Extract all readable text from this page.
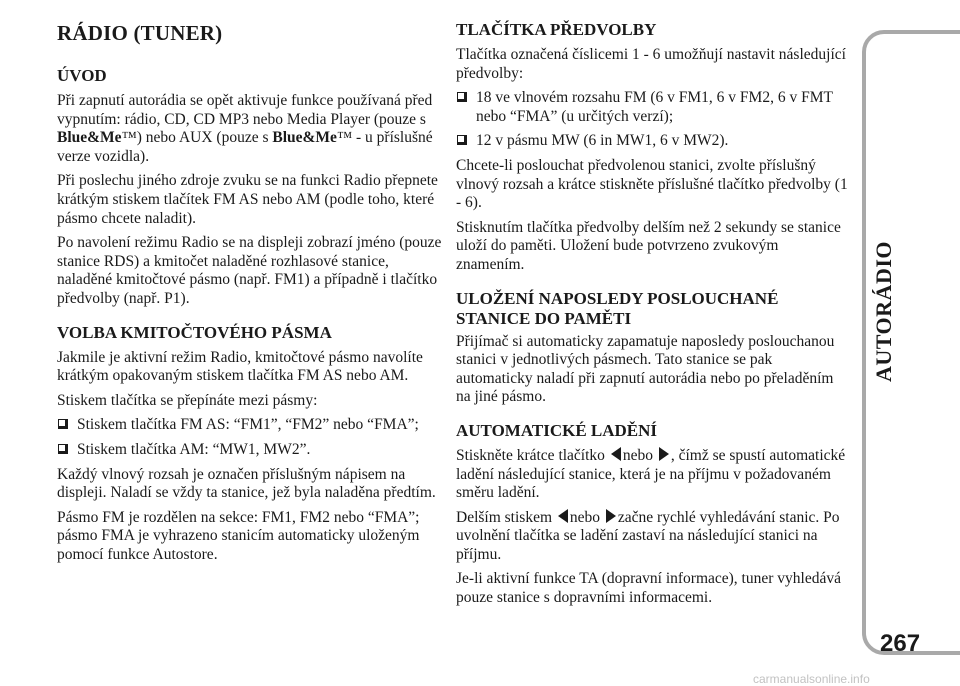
RÁDIO (TUNER)
ÚVOD

Při zapnutí autorádia se opět aktivuje funkce používaná před vypnutím: rádio, CD, CD MP3 nebo Media Player (pouze s Blue&Me™) nebo AUX (pouze s Blue&Me™ - u příslušné verze vozidla).

Při poslechu jiného zdroje zvuku se na funkci Radio přepnete krátkým stiskem tlačítek FM AS nebo AM (podle toho, které pásmo chcete naladit).

Po navolení režimu Radio se na displeji zobrazí jméno (pouze stanice RDS) a kmitočet naladěné rozhlasové stanice, naladěné kmitočtové pásmo (např. FM1) a případně i tlačítko předvolby (např. P1).

VOLBA KMITOČTOVÉHO PÁSMA

Jakmile je aktivní režim Radio, kmitočtové pásmo navolíte krátkým opakovaným stiskem tlačítka FM AS nebo AM.

Stiskem tlačítka se přepínáte mezi pásmy:

Stiskem tlačítka FM AS: “FM1”, “FM2” nebo “FMA”;
Stiskem tlačítka AM: “MW1, MW2”.

Každý vlnový rozsah je označen příslušným nápisem na displeji. Naladí se vždy ta stanice, jež byla naladěna předtím.

Pásmo FM je rozdělen na sekce: FM1, FM2 nebo “FMA”; pásmo FMA je vyhrazeno stanicím automaticky uloženým pomocí funkce Autostore.

TLAČÍTKA PŘEDVOLBY

Tlačítka označená číslicemi 1 - 6 umožňují nastavit následující předvolby:

18 ve vlnovém rozsahu FM (6 v FM1, 6 v FM2, 6 v FMT nebo “FMA” (u určitých verzí);
12 v pásmu MW (6 in MW1, 6 v MW2).

Chcete-li poslouchat předvolenou stanici, zvolte příslušný vlnový rozsah a krátce stiskněte příslušné tlačítko předvolby (1 - 6).

Stisknutím tlačítka předvolby delším než 2 sekundy se stanice uloží do paměti. Uložení bude potvrzeno zvukovým znamením.

ULOŽENÍ NAPOSLEDY POSLOUCHANÉ
STANICE DO PAMĚTI

Přijímač si automaticky zapamatuje naposledy poslouchanou stanici v jednotlivých pásmech. Tato stanice se pak automaticky naladí při zapnutí autorádia nebo po přeladěním na jiné pásmo.

AUTOMATICKÉ LADĚNÍ

Stiskněte krátce tlačítko nebo , čímž se spustí automatické ladění následující stanice, která je na příjmu v požadovaném směru ladění.

Delším stiskem nebo začne rychlé vyhledávání stanic. Po uvolnění tlačítka se ladění zastaví na následující stanici na příjmu.

Je-li aktivní funkce TA (dopravní informace), tuner vyhledává pouze stanice s dopravními informacemi.

AUTORÁDIO
267
carmanualsonline.info
